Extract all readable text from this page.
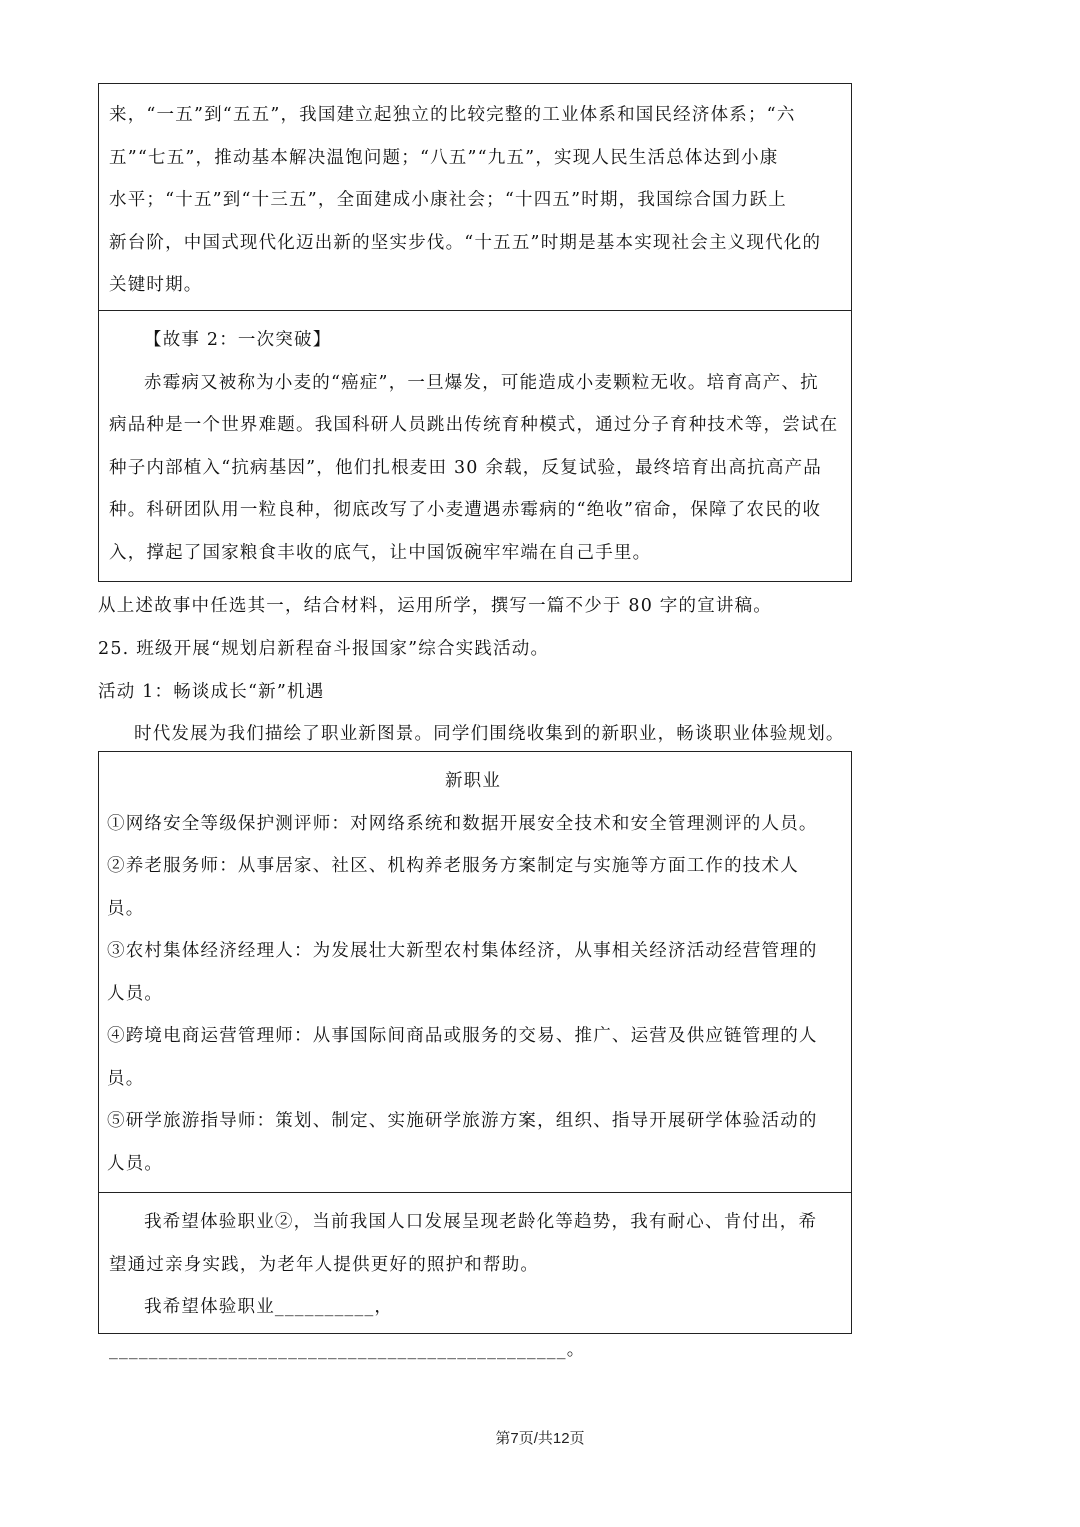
来，“一五”到“五五”，我国建立起独立的比较完整的工业体系和国民经济体系；“六

五”“七五”，推动基本解决温饱问题；“八五”“九五”，实现人民生活总体达到小康

水平；“十五”到“十三五”，全面建成小康社会；“十四五”时期，我国综合国力跃上

新台阶，中国式现代化迈出新的坚实步伐。“十五五”时期是基本实现社会主义现代化的

关键时期。

【故事 2：一次突破】

赤霉病又被称为小麦的“癌症”，一旦爆发，可能造成小麦颗粒无收。培育高产、抗

病品种是一个世界难题。我国科研人员跳出传统育种模式，通过分子育种技术等，尝试在

种子内部植入“抗病基因”，他们扎根麦田 30 余载，反复试验，最终培育出高抗高产品

种。科研团队用一粒良种，彻底改写了小麦遭遇赤霉病的“绝收”宿命，保障了农民的收

入，撑起了国家粮食丰收的底气，让中国饭碗牢牢端在自己手里。

从上述故事中任选其一，结合材料，运用所学，撰写一篇不少于 80 字的宣讲稿。
25. 班级开展“规划启新程奋斗报国家”综合实践活动。
活动 1：畅谈成长“新”机遇
时代发展为我们描绘了职业新图景。同学们围绕收集到的新职业，畅谈职业体验规划。

新职业

①网络安全等级保护测评师：对网络系统和数据开展安全技术和安全管理测评的人员。

②养老服务师：从事居家、社区、机构养老服务方案制定与实施等方面工作的技术人

员。

③农村集体经济经理人：为发展壮大新型农村集体经济，从事相关经济活动经营管理的

人员。

④跨境电商运营管理师：从事国际间商品或服务的交易、推广、运营及供应链管理的人

员。

⑤研学旅游指导师：策划、制定、实施研学旅游方案，组织、指导开展研学体验活动的

人员。

我希望体验职业②，当前我国人口发展呈现老龄化等趋势，我有耐心、肯付出，希

望通过亲身实践，为老年人提供更好的照护和帮助。

我希望体验职业__________，______________________________________________。

第7页/共12页
